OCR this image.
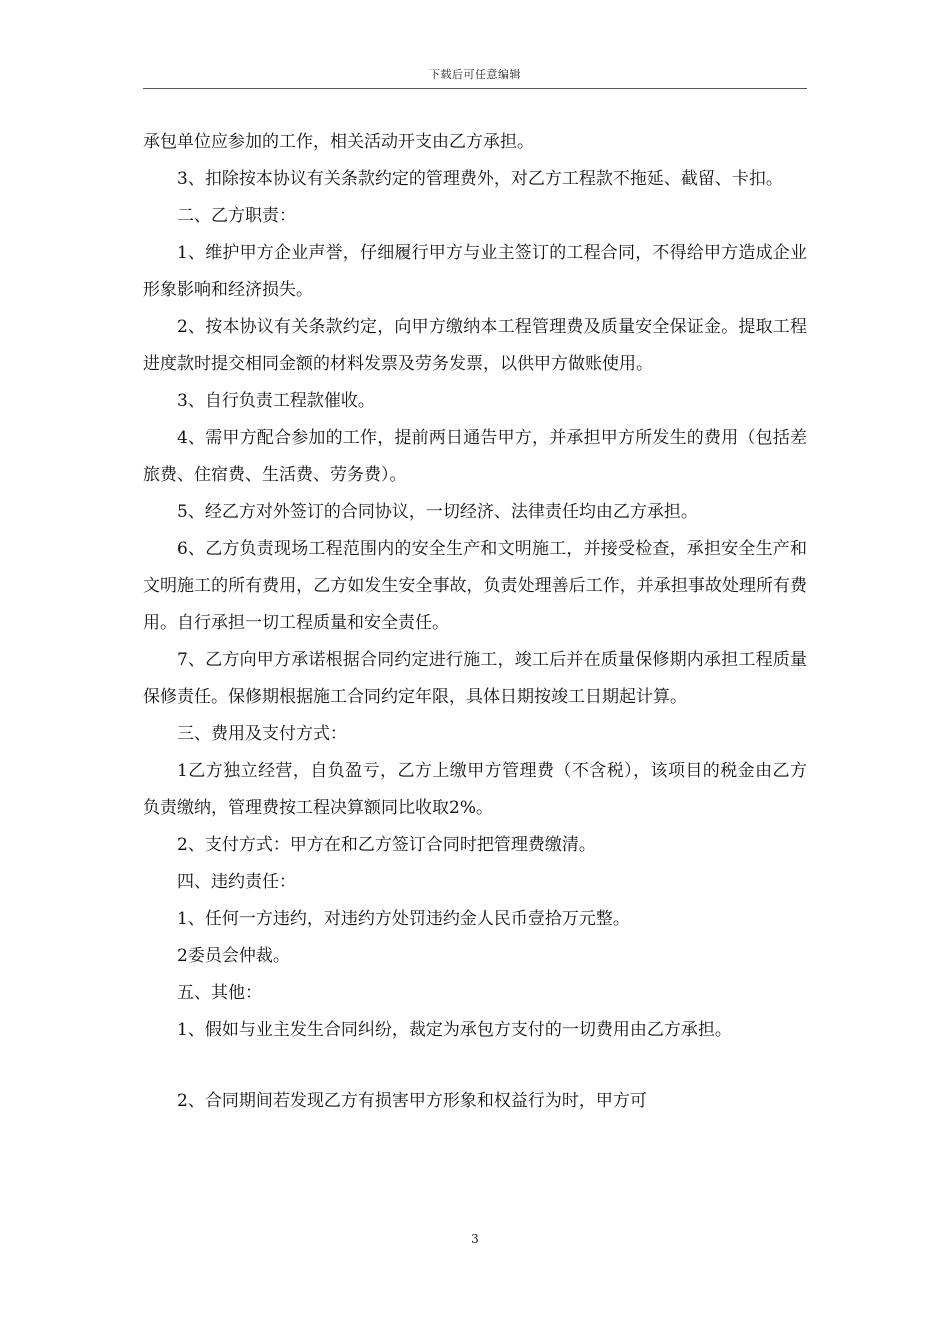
下载后可任意编辑

承包单位应参加的工作，相关活动开支由乙方承担。

3、扣除按本协议有关条款约定的管理费外，对乙方工程款不拖延、截留、卡扣。

二、乙方职责：

1、维护甲方企业声誉，仔细履行甲方与业主签订的工程合同，不得给甲方造成企业形象影响和经济损失。

2、按本协议有关条款约定，向甲方缴纳本工程管理费及质量安全保证金。提取工程进度款时提交相同金额的材料发票及劳务发票，以供甲方做账使用。

3、自行负责工程款催收。

4、需甲方配合参加的工作，提前两日通告甲方，并承担甲方所发生的费用（包括差旅费、住宿费、生活费、劳务费）。

5、经乙方对外签订的合同协议，一切经济、法律责任均由乙方承担。

6、乙方负责现场工程范围内的安全生产和文明施工，并接受检查，承担安全生产和文明施工的所有费用，乙方如发生安全事故，负责处理善后工作，并承担事故处理所有费用。自行承担一切工程质量和安全责任。

7、乙方向甲方承诺根据合同约定进行施工，竣工后并在质量保修期内承担工程质量保修责任。保修期根据施工合同约定年限，具体日期按竣工日期起计算。

三、费用及支付方式：

1乙方独立经营，自负盈亏，乙方上缴甲方管理费（不含税），该项目的税金由乙方负责缴纳，管理费按工程决算额同比收取2%。

2、支付方式：甲方在和乙方签订合同时把管理费缴清。

四、违约责任：

1、任何一方违约，对违约方处罚违约金人民币壹拾万元整。

2委员会仲裁。

五、其他：

1、假如与业主发生合同纠纷，裁定为承包方支付的一切费用由乙方承担。

2、合同期间若发现乙方有损害甲方形象和权益行为时，甲方可

3
